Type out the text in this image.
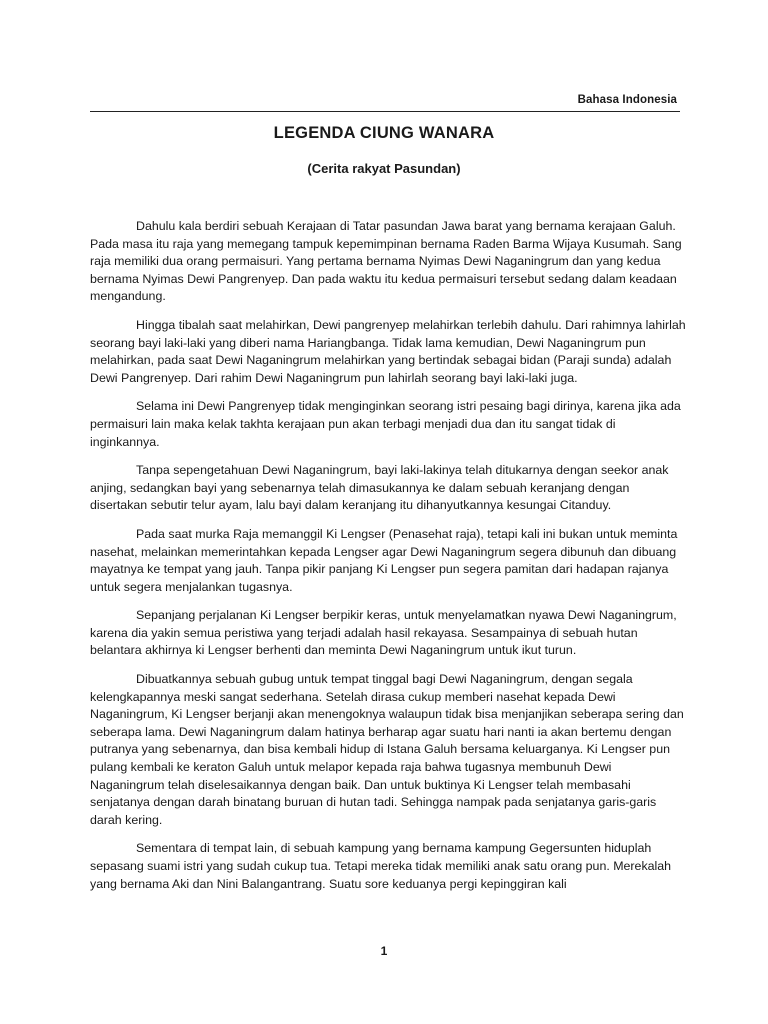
Bahasa Indonesia
LEGENDA CIUNG WANARA
(Cerita rakyat Pasundan)

Dahulu kala berdiri sebuah Kerajaan di Tatar pasundan Jawa barat yang bernama kerajaan Galuh. Pada masa itu raja yang memegang tampuk kepemimpinan bernama Raden Barma Wijaya Kusumah. Sang raja memiliki dua orang permaisuri. Yang pertama bernama Nyimas Dewi Naganingrum dan yang kedua bernama Nyimas Dewi Pangrenyep. Dan pada waktu itu kedua permaisuri tersebut sedang dalam keadaan mengandung.

Hingga tibalah saat melahirkan, Dewi pangrenyep melahirkan terlebih dahulu. Dari rahimnya lahirlah seorang bayi laki-laki yang diberi nama Hariangbanga. Tidak lama kemudian, Dewi Naganingrum pun melahirkan, pada saat Dewi Naganingrum melahirkan yang bertindak sebagai bidan (Paraji sunda) adalah Dewi Pangrenyep. Dari rahim Dewi Naganingrum pun lahirlah seorang bayi laki-laki juga.

Selama ini Dewi Pangrenyep tidak menginginkan seorang istri pesaing bagi dirinya, karena jika ada permaisuri lain maka kelak takhta kerajaan pun akan terbagi menjadi dua dan itu sangat tidak di inginkannya.

Tanpa sepengetahuan Dewi Naganingrum, bayi laki-lakinya telah ditukarnya dengan seekor anak anjing, sedangkan bayi yang sebenarnya telah dimasukannya ke dalam sebuah keranjang dengan disertakan sebutir telur ayam, lalu bayi dalam keranjang itu dihanyutkannya kesungai Citanduy.

Pada saat murka Raja memanggil Ki Lengser (Penasehat raja), tetapi kali ini bukan untuk meminta nasehat, melainkan memerintahkan kepada Lengser agar Dewi Naganingrum segera dibunuh dan dibuang mayatnya ke tempat yang jauh. Tanpa pikir panjang Ki Lengser pun segera pamitan dari hadapan rajanya untuk segera menjalankan tugasnya.

Sepanjang perjalanan Ki Lengser berpikir keras, untuk menyelamatkan nyawa Dewi Naganingrum, karena dia yakin semua peristiwa yang terjadi adalah hasil rekayasa. Sesampainya di sebuah hutan belantara akhirnya ki Lengser berhenti dan meminta Dewi Naganingrum untuk ikut turun.

Dibuatkannya sebuah gubug untuk tempat tinggal bagi Dewi Naganingrum, dengan segala kelengkapannya meski sangat sederhana. Setelah dirasa cukup memberi nasehat kepada Dewi Naganingrum, Ki Lengser berjanji akan menengoknya walaupun tidak bisa menjanjikan seberapa sering dan seberapa lama. Dewi Naganingrum dalam hatinya berharap agar suatu hari nanti ia akan bertemu dengan putranya yang sebenarnya, dan bisa kembali hidup di Istana Galuh bersama keluarganya. Ki Lengser pun pulang kembali ke keraton Galuh untuk melapor kepada raja bahwa tugasnya membunuh Dewi Naganingrum telah diselesaikannya dengan baik. Dan untuk buktinya Ki Lengser telah membasahi senjatanya dengan darah binatang buruan di hutan tadi. Sehingga nampak pada senjatanya garis-garis darah kering.

Sementara di tempat lain, di sebuah kampung yang bernama kampung Gegersunten hiduplah sepasang suami istri yang sudah cukup tua. Tetapi mereka tidak memiliki anak satu orang pun. Merekalah yang bernama Aki dan Nini Balangantrang. Suatu sore keduanya pergi kepinggiran kali

1
